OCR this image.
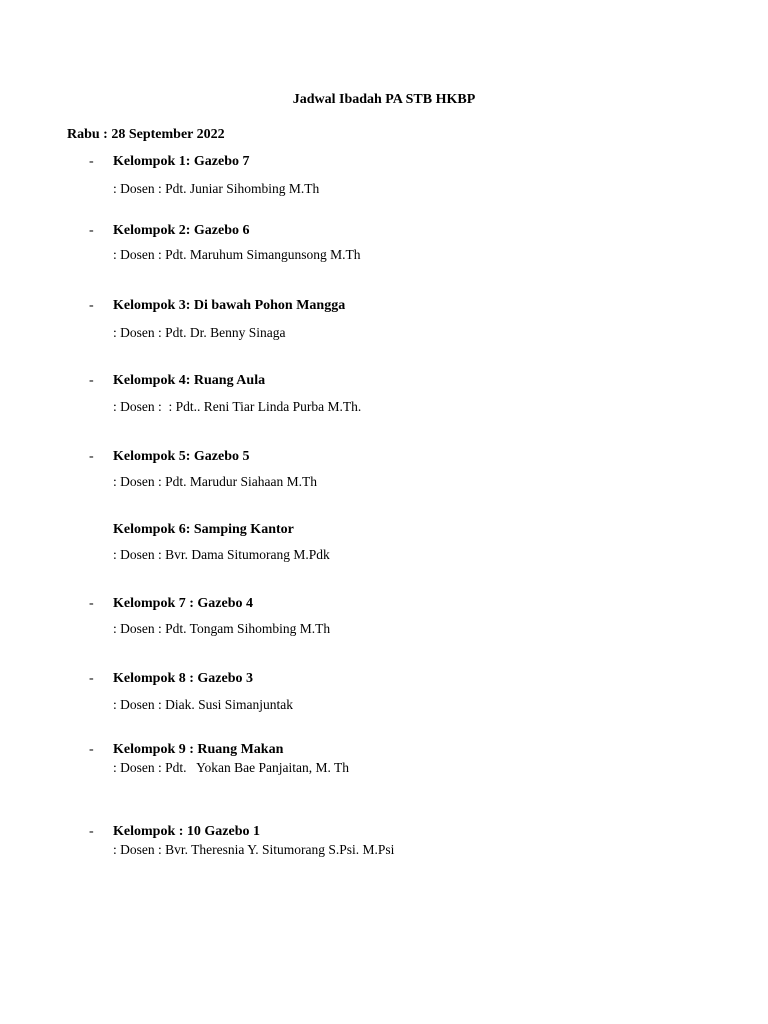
Jadwal Ibadah PA STB HKBP
Rabu : 28 September 2022
- Kelompok 1: Gazebo 7
: Dosen : Pdt. Juniar Sihombing M.Th
- Kelompok 2: Gazebo 6
: Dosen : Pdt. Maruhum Simangunsong M.Th
- Kelompok 3: Di bawah Pohon Mangga
: Dosen : Pdt. Dr. Benny Sinaga
- Kelompok 4: Ruang Aula
: Dosen :  : Pdt.. Reni Tiar Linda Purba M.Th.
- Kelompok 5: Gazebo 5
: Dosen : Pdt. Marudur Siahaan M.Th
Kelompok 6: Samping Kantor
: Dosen : Bvr. Dama Situmorang M.Pdk
- Kelompok 7 : Gazebo 4
: Dosen : Pdt. Tongam Sihombing M.Th
- Kelompok 8 : Gazebo 3
: Dosen : Diak. Susi Simanjuntak
- Kelompok 9 : Ruang Makan
: Dosen : Pdt.   Yokan Bae Panjaitan, M. Th
- Kelompok : 10 Gazebo 1
: Dosen : Bvr. Theresnia Y. Situmorang S.Psi. M.Psi
